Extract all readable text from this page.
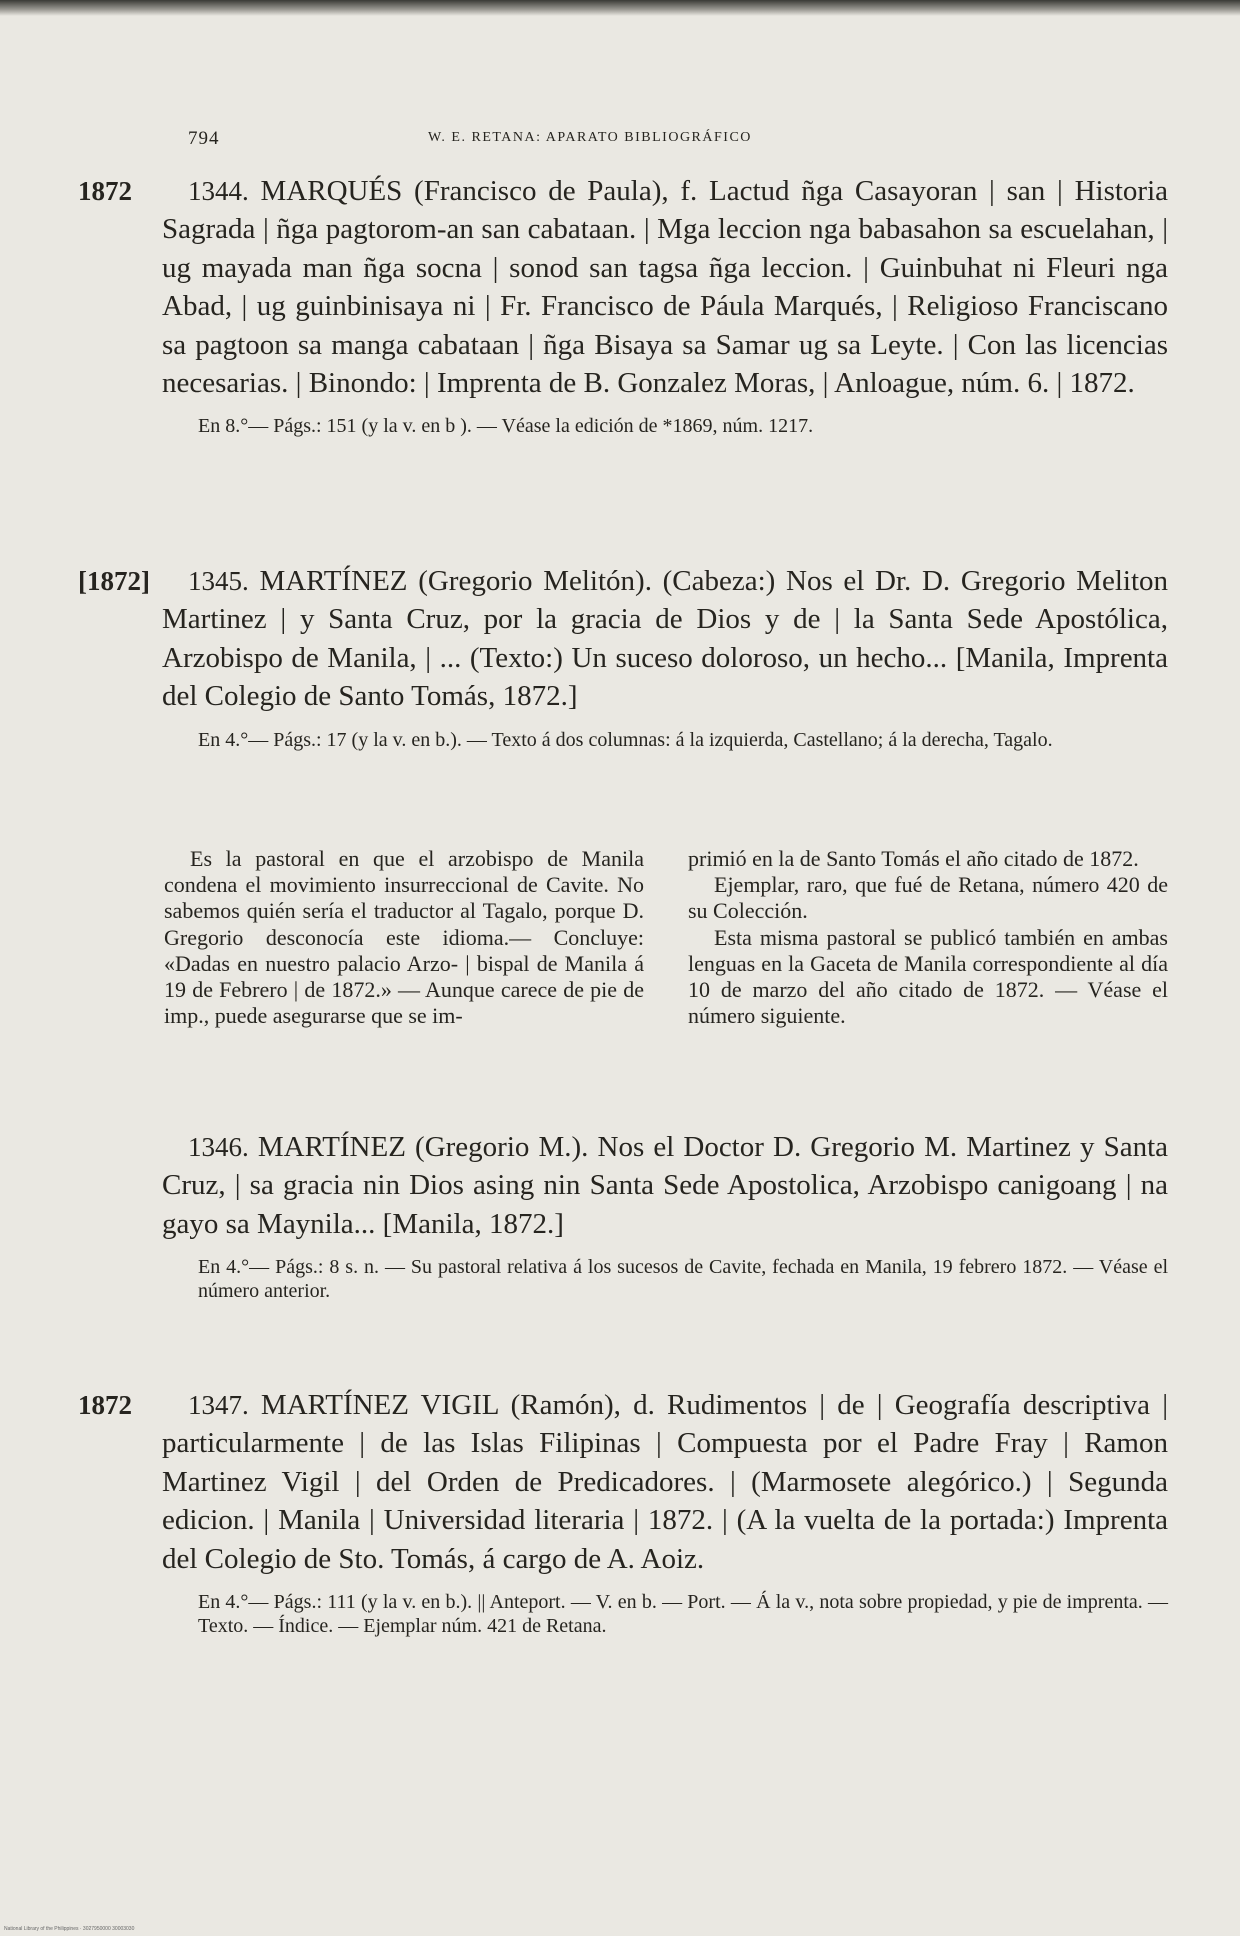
794	W. E. RETANA: APARATO BIBLIOGRÁFICO
1872	1344. MARQUÉS (Francisco de Paula), f. Lactud ñga Casayoran | san | Historia Sagrada | ñga pagtorom-an san cabataan. | Mga leccion nga babasahon sa escuelahan, | ug mayada man ñga socna | sonod san tagsa ñga leccion. | Guinbuhat ni Fleuri nga Abad, | ug guinbinisaya ni | Fr. Francisco de Páula Marqués, | Religioso Franciscano sa pagtoon sa manga cabataan | ñga Bisaya sa Samar ug sa Leyte. | Con las licencias necesarias. | Binondo: | Imprenta de B. Gonzalez Moras, | Anloague, núm. 6. | 1872.

En 8.°— Págs.: 151 (y la v. en b ). — Véase la edición de *1869, núm. 1217.
[1872]	1345. MARTÍNEZ (Gregorio Melitón). (Cabeza:) Nos el Dr. D. Gregorio Meliton Martinez | y Santa Cruz, por la gracia de Dios y de | la Santa Sede Apostólica, Arzobispo de Manila, | ... (Texto:) Un suceso doloroso, un hecho... [Manila, Imprenta del Colegio de Santo Tomás, 1872.]

En 4.°— Págs.: 17 (y la v. en b.). — Texto á dos columnas: á la izquierda, Castellano; á la derecha, Tagalo.

Es la pastoral en que el arzobispo de Manila condena el movimiento insurreccional de Cavite. No sabemos quién sería el traductor al Tagalo, porque D. Gregorio desconocía este idioma.— Concluye: «Dadas en nuestro palacio Arzo- | bispal de Manila á 19 de Febrero | de 1872.» — Aunque carece de pie de imp., puede asegurarse que se im-

primió en la de Santo Tomás el año citado de 1872.

Ejemplar, raro, que fué de Retana, número 420 de su Colección.

Esta misma pastoral se publicó también en ambas lenguas en la Gaceta de Manila correspondiente al día 10 de marzo del año citado de 1872. — Véase el número siguiente.

1346. MARTÍNEZ (Gregorio M.). Nos el Doctor D. Gregorio M. Martinez y Santa Cruz, | sa gracia nin Dios asing nin Santa Sede Apostolica, Arzobispo canigoang | na gayo sa Maynila... [Manila, 1872.]

En 4.°— Págs.: 8 s. n. — Su pastoral relativa á los sucesos de Cavite, fechada en Manila, 19 febrero 1872. — Véase el número anterior.
1872	1347. MARTÍNEZ VIGIL (Ramón), d. Rudimentos | de | Geografía descriptiva | particularmente | de las Islas Filipinas | Compuesta por el Padre Fray | Ramon Martinez Vigil | del Orden de Predicadores. | (Marmosete alegórico.) | Segunda edicion. | Manila | Universidad literaria | 1872. | (A la vuelta de la portada:) Imprenta del Colegio de Sto. Tomás, á cargo de A. Aoiz.

En 4.°— Págs.: 111 (y la v. en b.). || Anteport. — V. en b. — Port. — Á la v., nota sobre propiedad, y pie de imprenta. — Texto. — Índice. — Ejemplar núm. 421 de Retana.
National Library of the Philippines · 3027950000 30003030
